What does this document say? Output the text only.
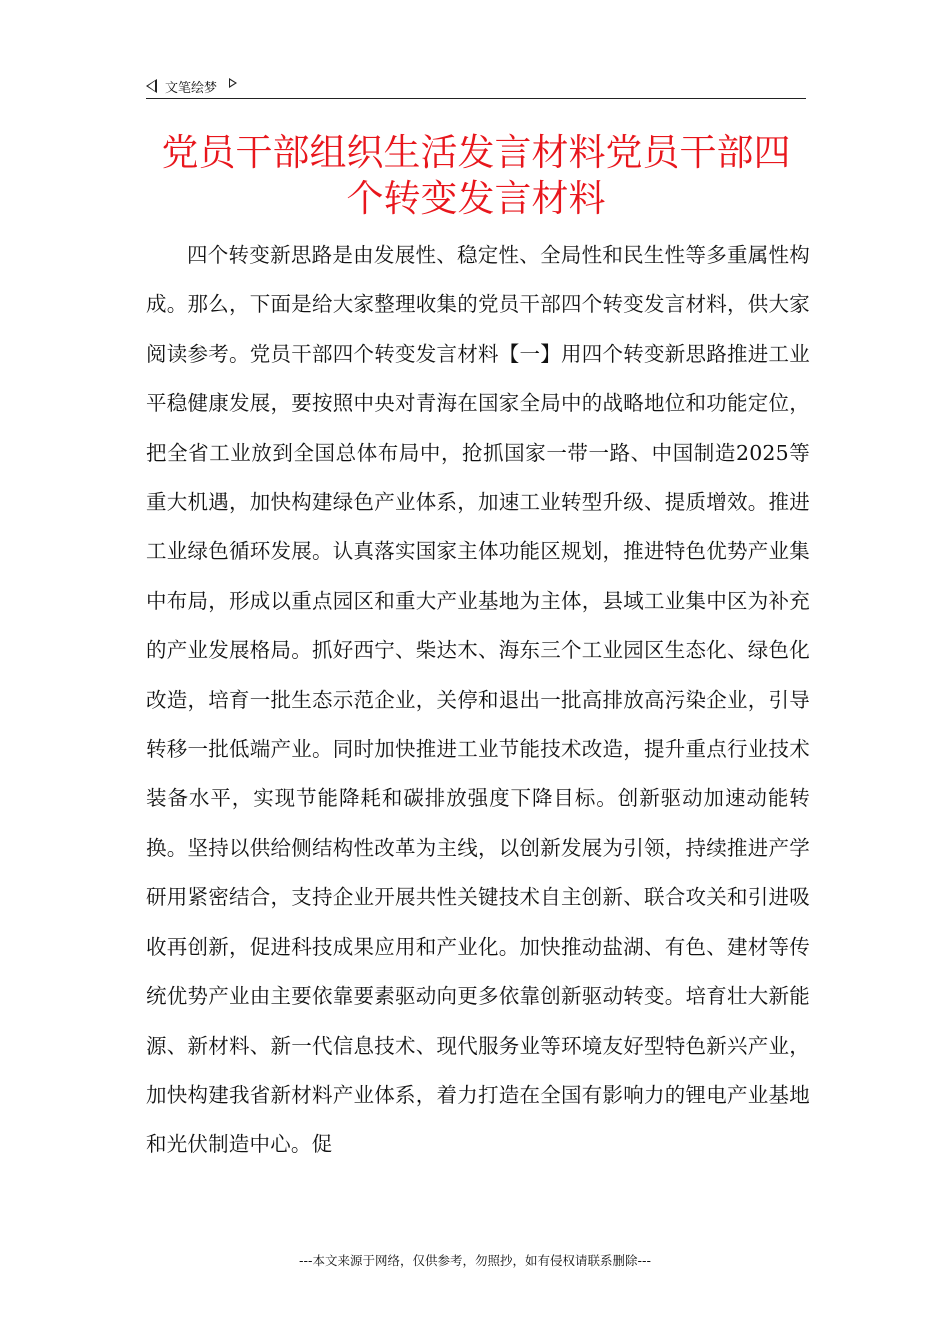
文笔绘梦
党员干部组织生活发言材料党员干部四个转变发言材料

四个转变新思路是由发展性、稳定性、全局性和民生性等多重属性构成。那么，下面是给大家整理收集的党员干部四个转变发言材料，供大家阅读参考。党员干部四个转变发言材料【一】用四个转变新思路推进工业平稳健康发展，要按照中央对青海在国家全局中的战略地位和功能定位，把全省工业放到全国总体布局中，抢抓国家一带一路、中国制造2025等重大机遇，加快构建绿色产业体系，加速工业转型升级、提质增效。推进工业绿色循环发展。认真落实国家主体功能区规划，推进特色优势产业集中布局，形成以重点园区和重大产业基地为主体，县域工业集中区为补充的产业发展格局。抓好西宁、柴达木、海东三个工业园区生态化、绿色化改造，培育一批生态示范企业，关停和退出一批高排放高污染企业，引导转移一批低端产业。同时加快推进工业节能技术改造，提升重点行业技术装备水平，实现节能降耗和碳排放强度下降目标。创新驱动加速动能转换。坚持以供给侧结构性改革为主线，以创新发展为引领，持续推进产学研用紧密结合，支持企业开展共性关键技术自主创新、联合攻关和引进吸收再创新，促进科技成果应用和产业化。加快推动盐湖、有色、建材等传统优势产业由主要依靠要素驱动向更多依靠创新驱动转变。培育壮大新能源、新材料、新一代信息技术、现代服务业等环境友好型特色新兴产业，加快构建我省新材料产业体系，着力打造在全国有影响力的锂电产业基地和光伏制造中心。促

---本文来源于网络，仅供参考，勿照抄，如有侵权请联系删除---
